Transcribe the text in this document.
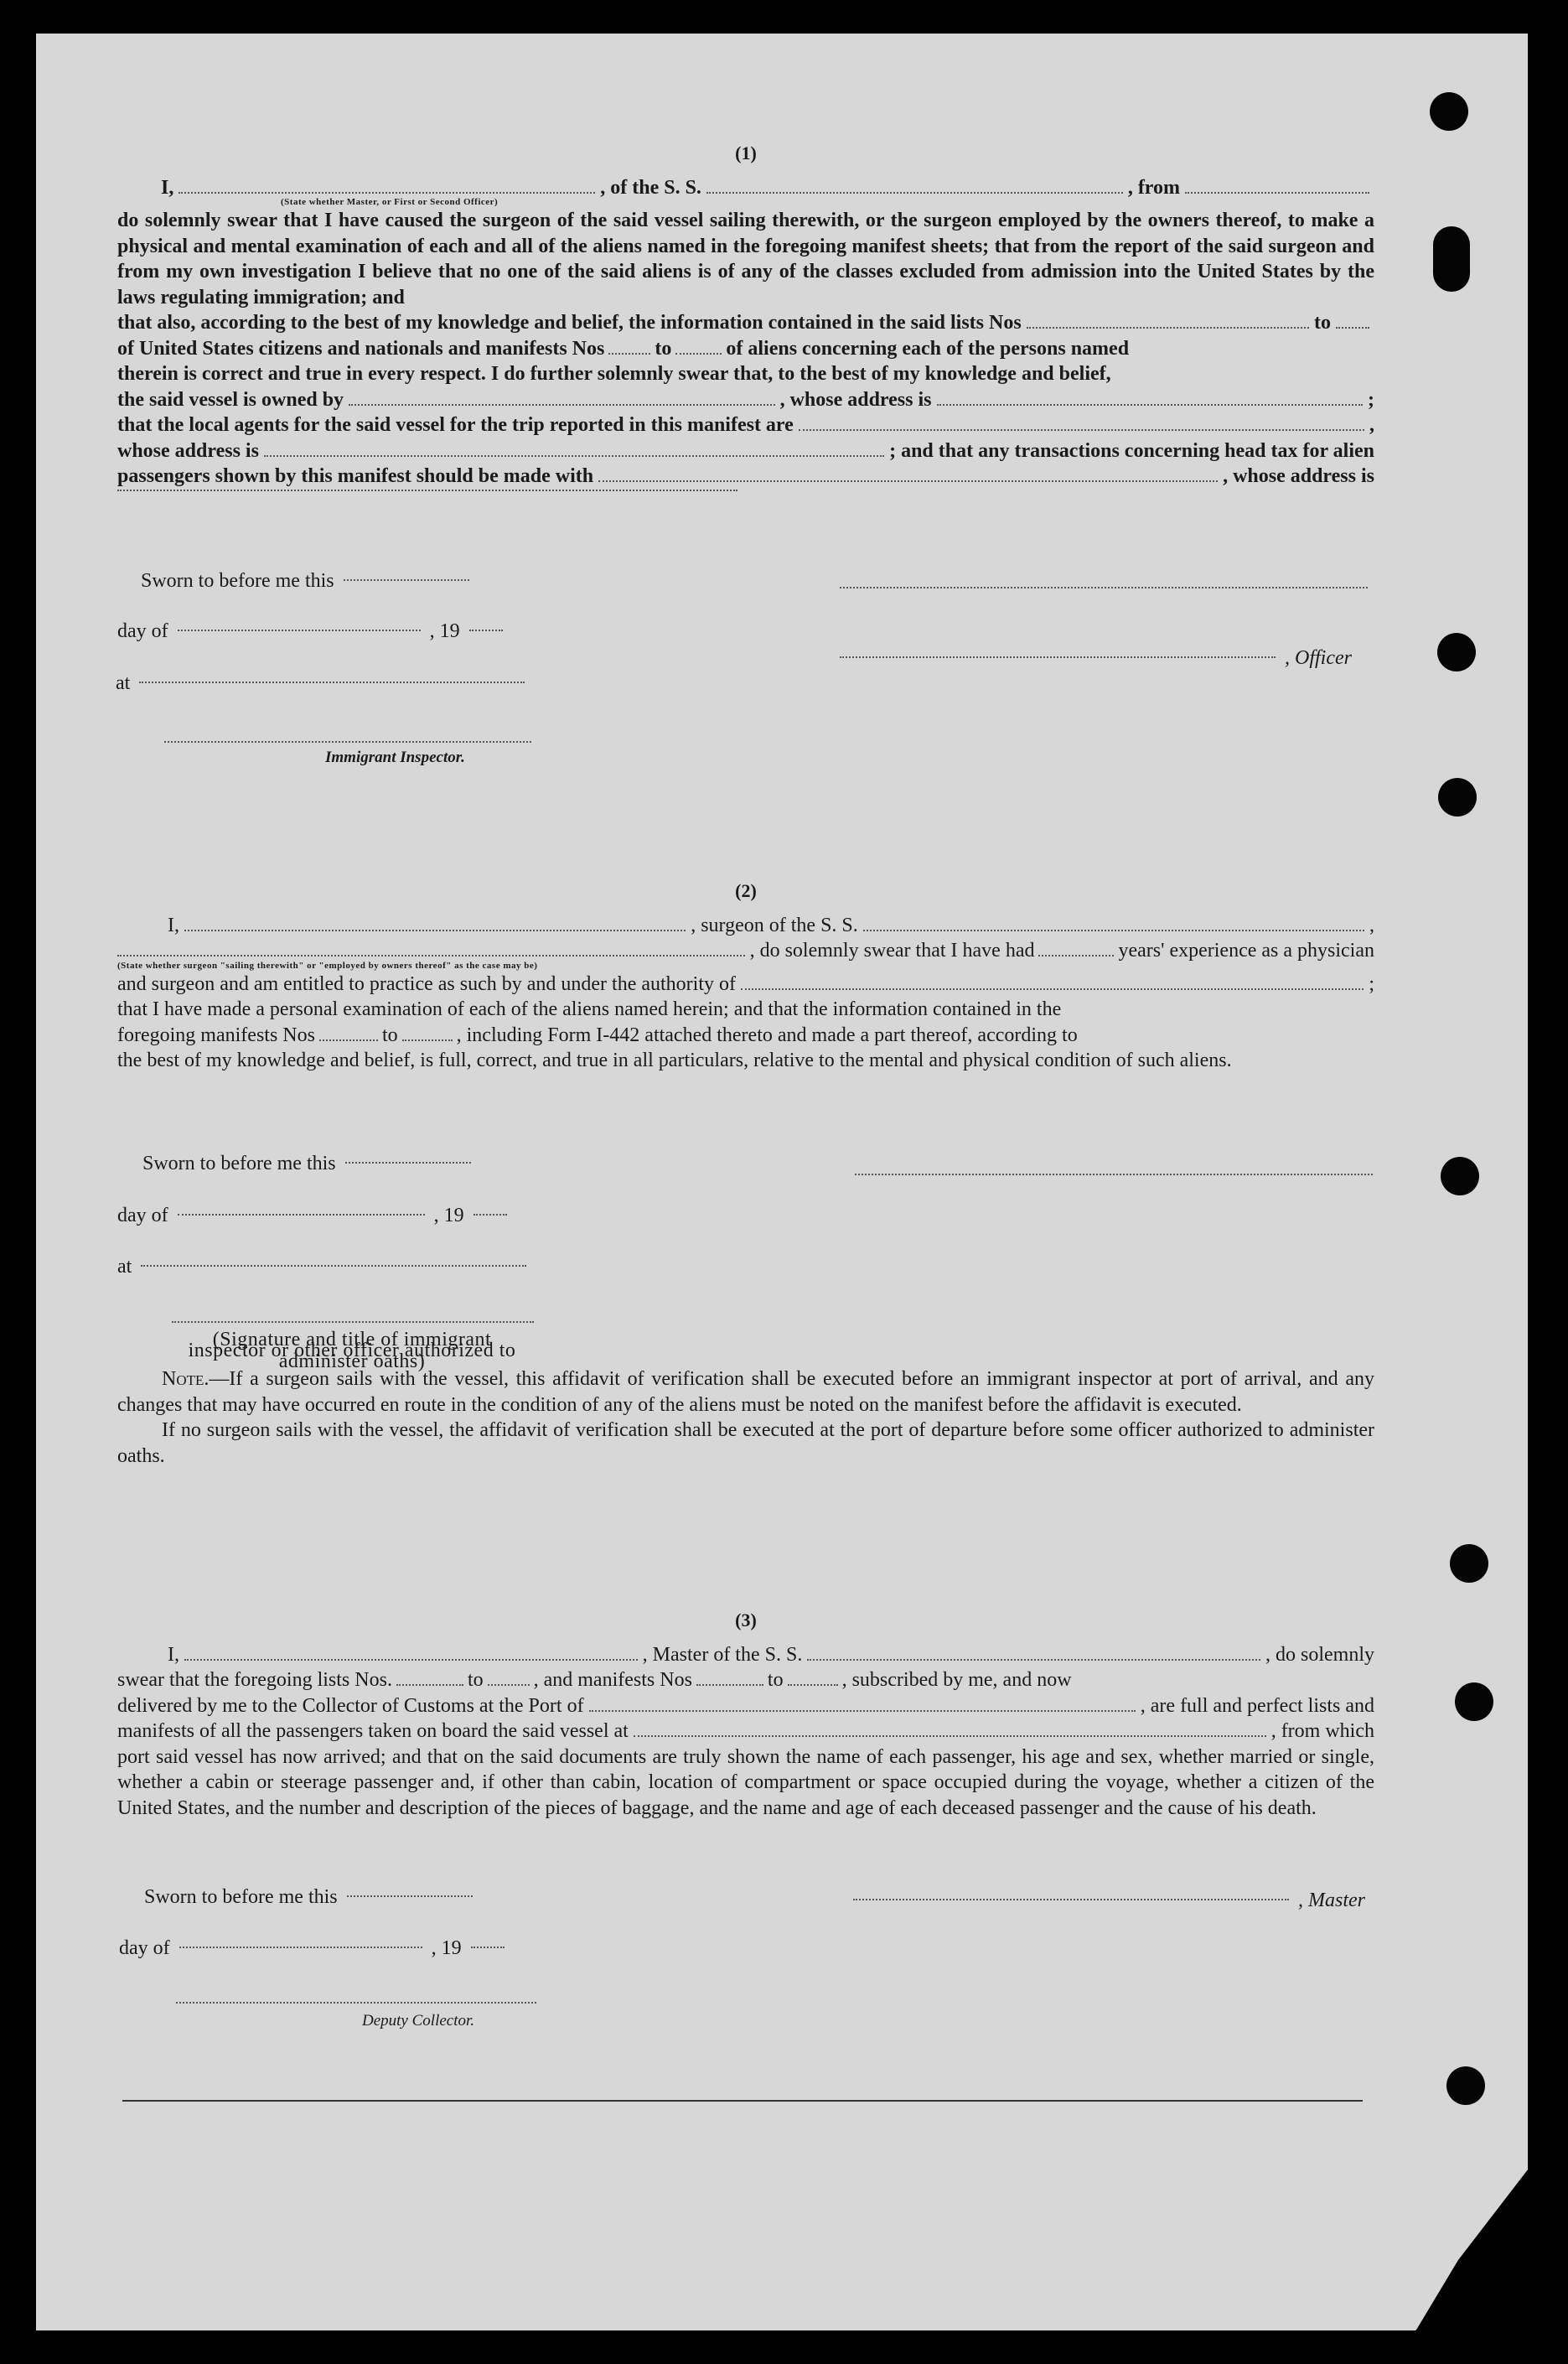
(1)
I,	, of the S. S.	, from
(State whether Master, or First or Second Officer)
do solemnly swear that I have caused the surgeon of the said vessel sailing therewith, or the surgeon employed by the owners thereof, to make a physical and mental examination of each and all of the aliens named in the foregoing manifest sheets; that from the report of the said surgeon and from my own investigation I believe that no one of the said aliens is of any of the classes excluded from admission into the United States by the laws regulating immigration; and
that also, according to the best of my knowledge and belief, the information contained in the said lists Nos	to
of United States citizens and nationals and manifests Nos	to	of aliens concerning each of the persons named
therein is correct and true in every respect. I do further solemnly swear that, to the best of my knowledge and belief,
the said vessel is owned by	, whose address is	;
that the local agents for the said vessel for the trip reported in this manifest are	,
whose address is	; and that any transactions concerning head tax for alien
passengers shown by this manifest should be made with	, whose address is
Sworn to before me this
day of	, 19
at
Immigrant Inspector.
, Officer
(2)
I,	, surgeon of the S. S.	,
, do solemnly swear that I have had	years' experience as a physician
(State whether surgeon "sailing therewith" or "employed by owners thereof" as the case may be)
and surgeon and am entitled to practice as such by and under the authority of	;
that I have made a personal examination of each of the aliens named herein; and that the information contained in the
foregoing manifests Nos	to	, including Form I-442 attached thereto and made a part thereof, according to
the best of my knowledge and belief, is full, correct, and true in all particulars, relative to the mental and physical condition of such aliens.
Sworn to before me this
day of	, 19
at
(Signature and title of immigrant inspector or other officer authorized to administer oaths)
Note.—If a surgeon sails with the vessel, this affidavit of verification shall be executed before an immigrant inspector at port of arrival, and any changes that may have occurred en route in the condition of any of the aliens must be noted on the manifest before the affidavit is executed.
If no surgeon sails with the vessel, the affidavit of verification shall be executed at the port of departure before some officer authorized to administer oaths.
(3)
I,	, Master of the S. S.	, do solemnly
swear that the foregoing lists Nos.	to	, and manifests Nos	to	, subscribed by me, and now
delivered by me to the Collector of Customs at the Port of	, are full and perfect lists and
manifests of all the passengers taken on board the said vessel at	, from which
port said vessel has now arrived; and that on the said documents are truly shown the name of each passenger, his age and sex, whether married or single, whether a cabin or steerage passenger and, if other than cabin, location of compartment or space occupied during the voyage, whether a citizen of the United States, and the number and description of the pieces of baggage, and the name and age of each deceased passenger and the cause of his death.
Sworn to before me this
day of	, 19
Deputy Collector.
, Master
